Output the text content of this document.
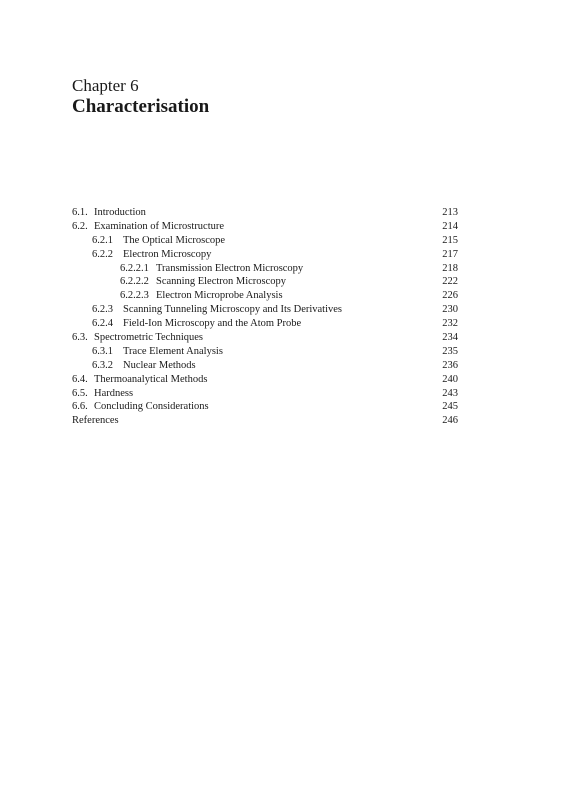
Chapter 6
Characterisation
6.1. Introduction	213
6.2. Examination of Microstructure	214
6.2.1 The Optical Microscope	215
6.2.2 Electron Microscopy	217
6.2.2.1 Transmission Electron Microscopy	218
6.2.2.2 Scanning Electron Microscopy	222
6.2.2.3 Electron Microprobe Analysis	226
6.2.3 Scanning Tunneling Microscopy and Its Derivatives	230
6.2.4 Field-Ion Microscopy and the Atom Probe	232
6.3. Spectrometric Techniques	234
6.3.1 Trace Element Analysis	235
6.3.2 Nuclear Methods	236
6.4. Thermoanalytical Methods	240
6.5. Hardness	243
6.6. Concluding Considerations	245
References	246
